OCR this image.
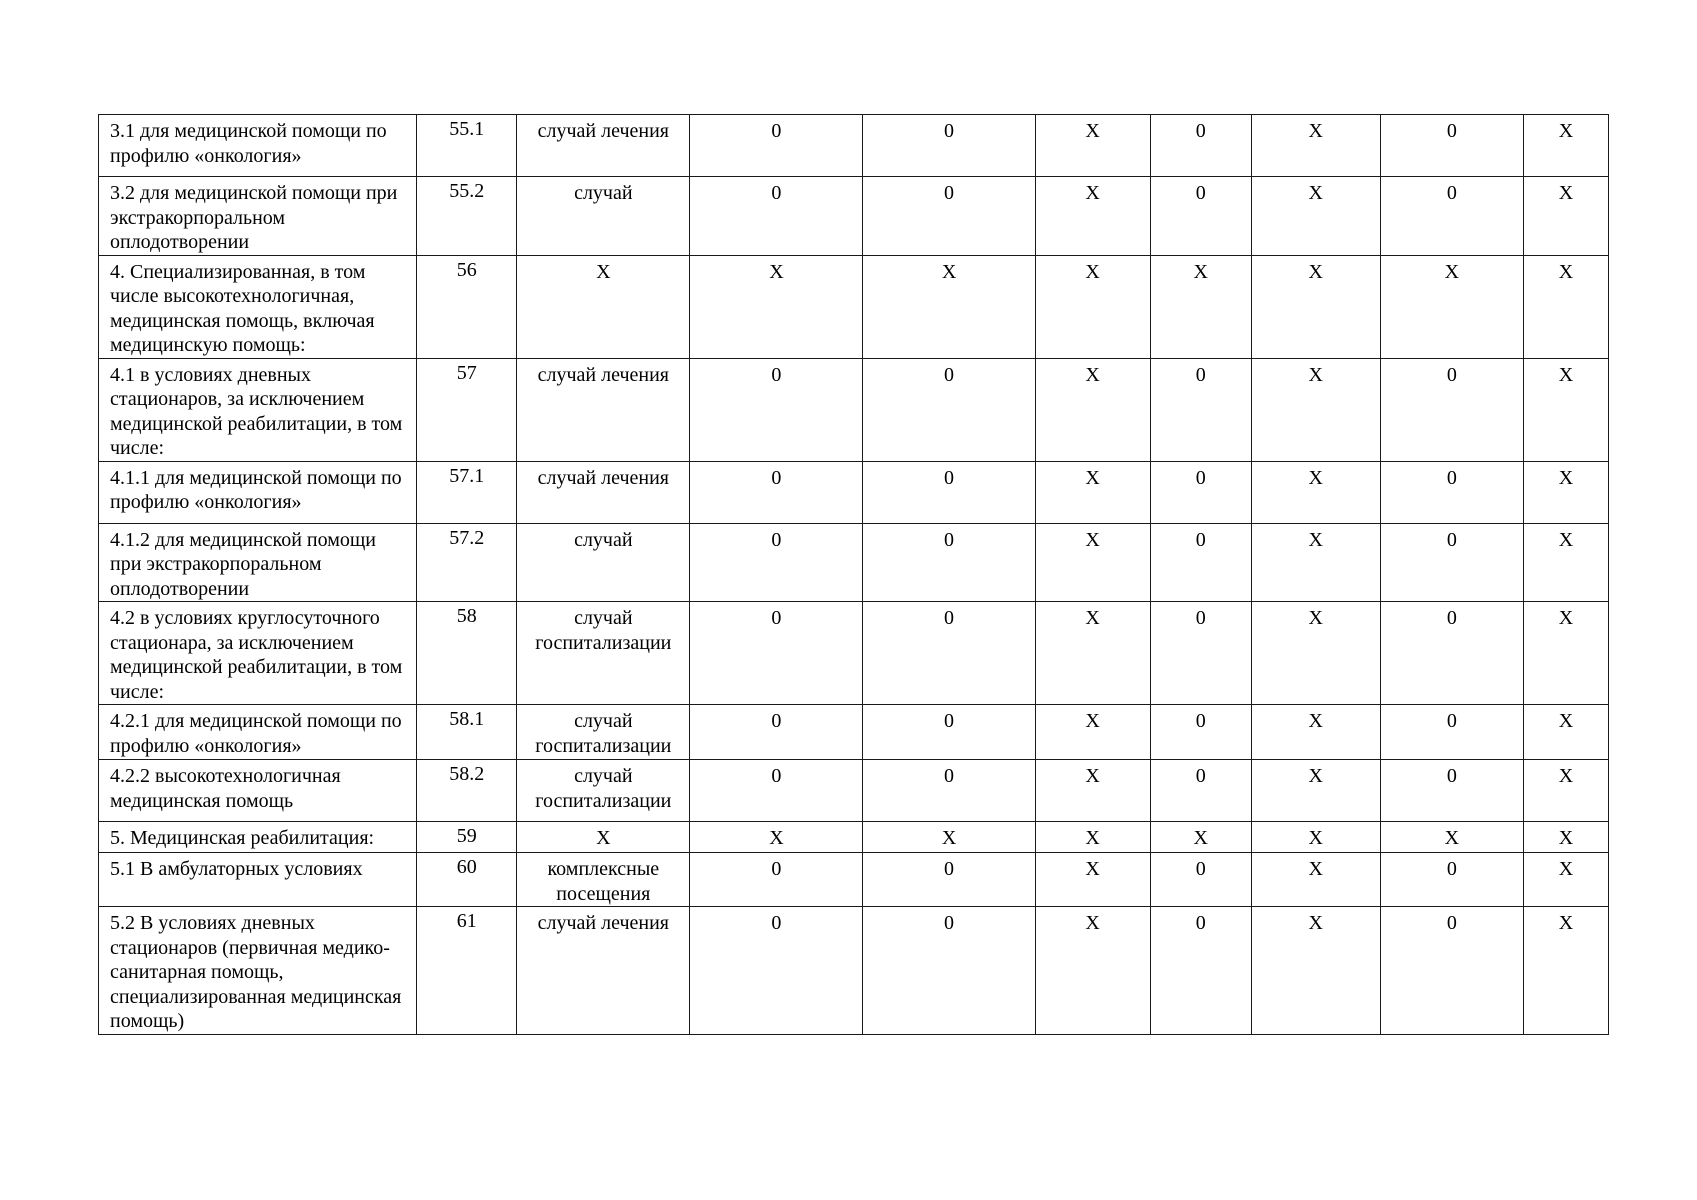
3.1 для медицинской помощи по профилю «онкология»	55.1	случай лечения	0	0	X	0	X	0	X
3.2 для медицинской помощи при экстракорпоральном оплодотворении	55.2	случай	0	0	X	0	X	0	X
4. Специализированная, в том числе высокотехнологичная, медицинская помощь, включая медицинскую помощь:	56	X	X	X	X	X	X	X	X
4.1 в условиях дневных стационаров, за исключением медицинской реабилитации, в том числе:	57	случай лечения	0	0	X	0	X	0	X
4.1.1 для медицинской помощи по профилю «онкология»	57.1	случай лечения	0	0	X	0	X	0	X
4.1.2 для медицинской помощи при экстракорпоральном оплодотворении	57.2	случай	0	0	X	0	X	0	X
4.2 в условиях круглосуточного стационара, за исключением медицинской реабилитации, в том числе:	58	случай госпитализации	0	0	X	0	X	0	X
4.2.1 для медицинской помощи по профилю «онкология»	58.1	случай госпитализации	0	0	X	0	X	0	X
4.2.2 высокотехнологичная медицинская помощь	58.2	случай госпитализации	0	0	X	0	X	0	X
5. Медицинская реабилитация:	59	X	X	X	X	X	X	X	X
5.1 В амбулаторных условиях	60	комплексные посещения	0	0	X	0	X	0	X
5.2 В условиях дневных стационаров (первичная медико-санитарная помощь, специализированная медицинская помощь)	61	случай лечения	0	0	X	0	X	0	X
